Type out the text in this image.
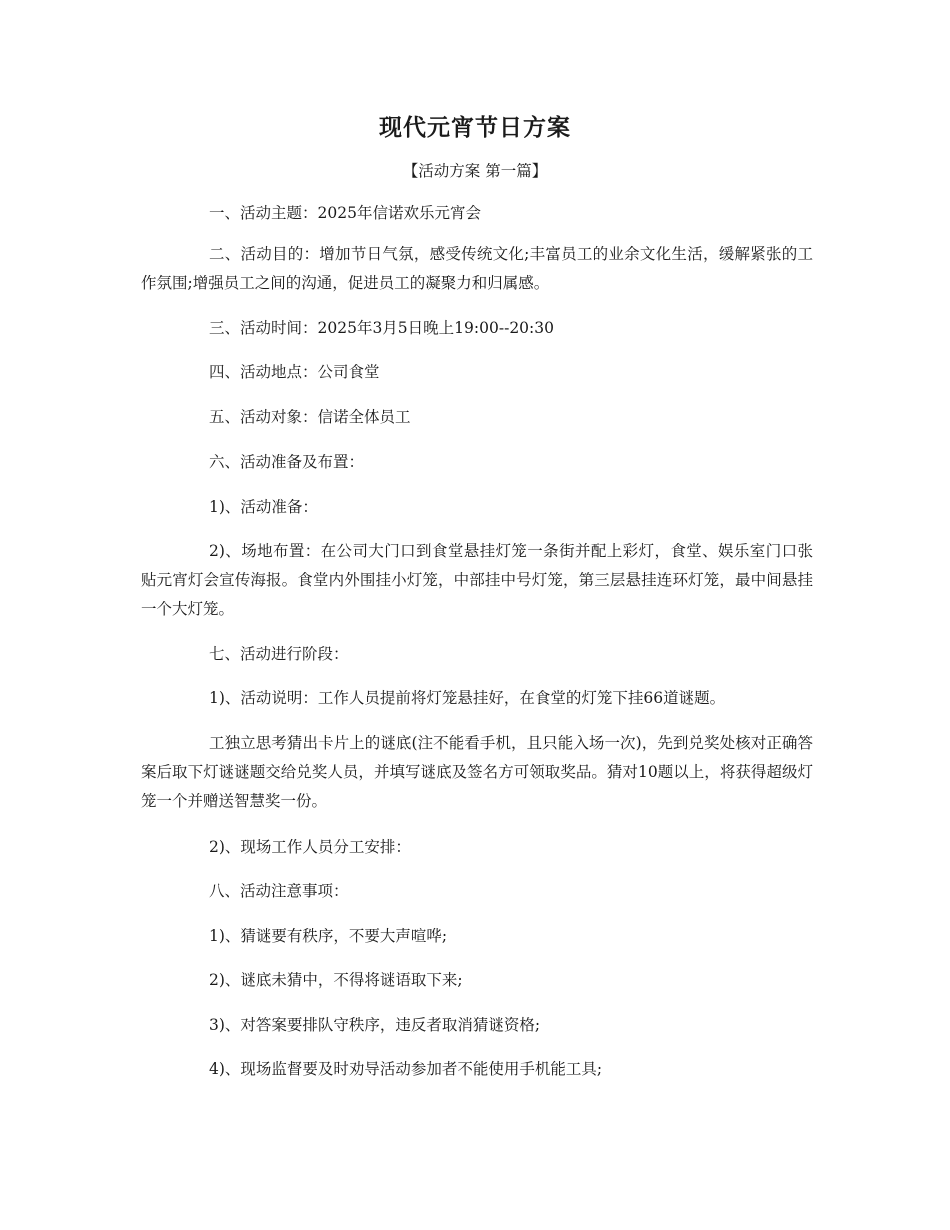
现代元宵节日方案
【活动方案 第一篇】

一、活动主题：2025年信诺欢乐元宵会

二、活动目的：增加节日气氛，感受传统文化;丰富员工的业余文化生活，缓解紧张的工作氛围;增强员工之间的沟通，促进员工的凝聚力和归属感。

三、活动时间：2025年3月5日晚上19:00--20:30

四、活动地点：公司食堂

五、活动对象：信诺全体员工

六、活动准备及布置：

1)、活动准备：

2)、场地布置：在公司大门口到食堂悬挂灯笼一条街并配上彩灯，食堂、娱乐室门口张贴元宵灯会宣传海报。食堂内外围挂小灯笼，中部挂中号灯笼，第三层悬挂连环灯笼，最中间悬挂一个大灯笼。

七、活动进行阶段：

1)、活动说明：工作人员提前将灯笼悬挂好，在食堂的灯笼下挂66道谜题。

工独立思考猜出卡片上的谜底(注不能看手机，且只能入场一次)，先到兑奖处核对正确答案后取下灯谜谜题交给兑奖人员，并填写谜底及签名方可领取奖品。猜对10题以上，将获得超级灯笼一个并赠送智慧奖一份。

2)、现场工作人员分工安排：

八、活动注意事项：

1)、猜谜要有秩序，不要大声喧哗;

2)、谜底未猜中，不得将谜语取下来;

3)、对答案要排队守秩序，违反者取消猜谜资格;

4)、现场监督要及时劝导活动参加者不能使用手机能工具;
